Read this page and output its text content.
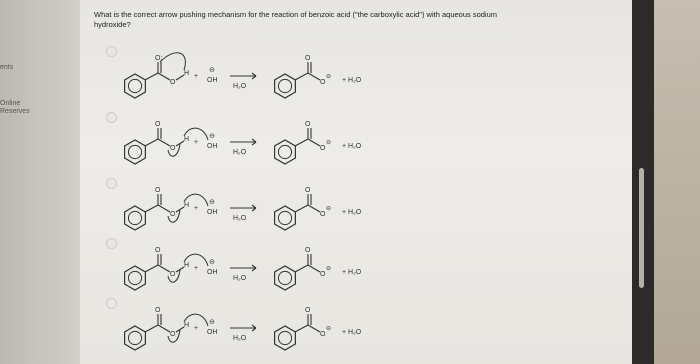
ents
Online
Reserves
What is the correct arrow pushing mechanism for the reaction of benzoic acid ("the carboxylic acid") with aqueous sodium hydroxide?
O:
O
H +
OH
⊖
H₂O
O
O
⊖ + H₂O
O
O
H +
OH
⊖
H₂O
O
O
⊖ + H₂O
O
O
H +
OH
⊖
H₂O
O
O
⊖ + H₂O
O
O
H +
OH
⊖
H₂O
O
O
⊖ + H₂O
O
O
H +
OH
⊖
H₂O
O
O
⊖ + H₂O
